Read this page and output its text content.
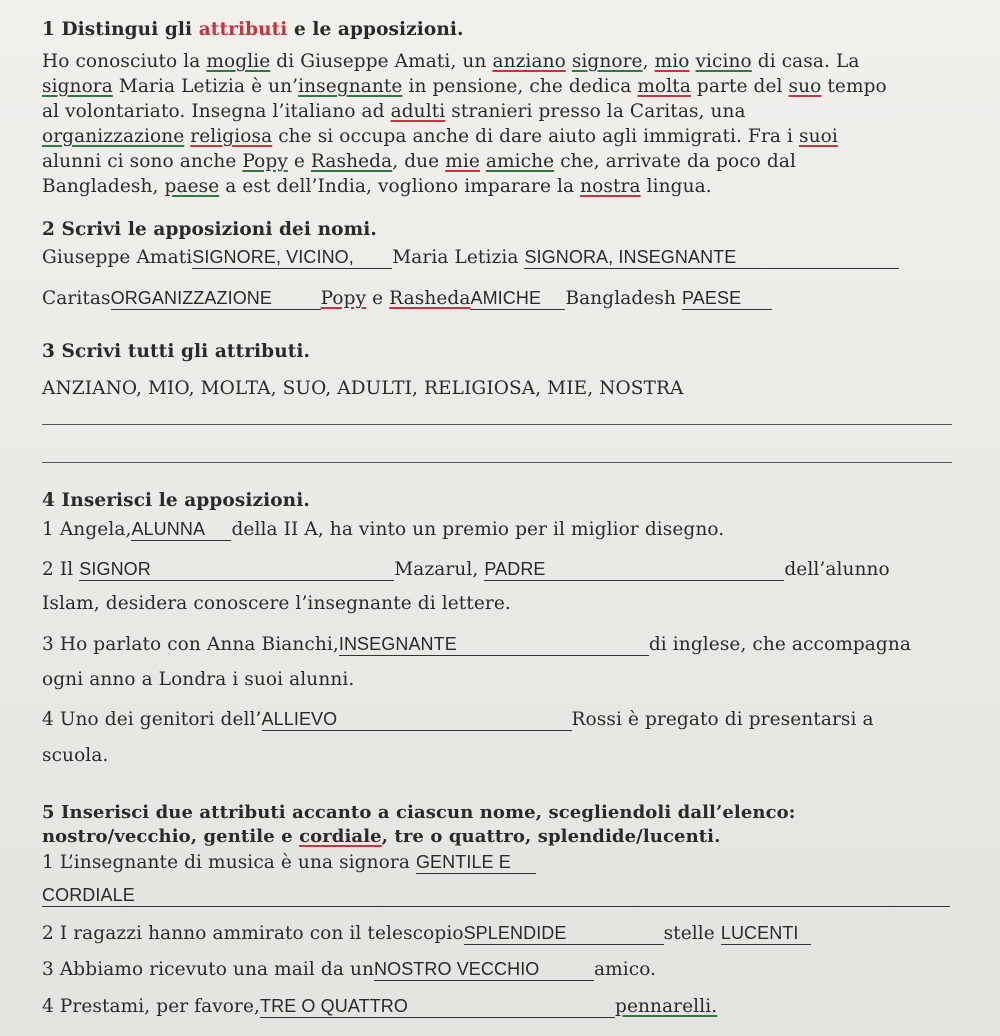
1 Distingui gli attributi e le apposizioni.
Ho conosciuto la moglie di Giuseppe Amati, un anziano signore, mio vicino di casa. La
signora Maria Letizia è un’insegnante in pensione, che dedica molta parte del suo tempo
al volontariato. Insegna l’italiano ad adulti stranieri presso la Caritas, una
organizzazione religiosa che si occupa anche di dare aiuto agli immigrati. Fra i suoi
alunni ci sono anche Popy e Rasheda, due mie amiche che, arrivate da poco dal
Bangladesh, paese a est dell’India, vogliono imparare la nostra lingua.
2 Scrivi le apposizioni dei nomi.
Giuseppe AmatiSIGNORE, VICINO,Maria Letizia SIGNORA, INSEGNANTE
CaritasORGANIZZAZIONE	Popy e RashedaAMICHEBangladesh PAESE
3 Scrivi tutti gli attributi.
ANZIANO, MIO, MOLTA, SUO, ADULTI, RELIGIOSA, MIE, NOSTRA
4 Inserisci le apposizioni.
1 Angela,ALUNNAdella II A, ha vinto un premio per il miglior disegno.
2 Il SIGNOR	Mazarul, PADRE	dell’alunno
Islam, desidera conoscere l’insegnante di lettere.
3 Ho parlato con Anna Bianchi,INSEGNANTE	di inglese, che accompagna
ogni anno a Londra i suoi alunni.
4 Uno dei genitori dell’ALLIEVO	Rossi è pregato di presentarsi a
scuola.
5 Inserisci due attributi accanto a ciascun nome, scegliendoli dall’elenco:
nostro/vecchio, gentile e cordiale, tre o quattro, splendide/lucenti.
1 L’insegnante di musica è una signora GENTILE E
CORDIALE
2 I ragazzi hanno ammirato con il telescopioSPLENDIDE	stelle LUCENTI
3 Abbiamo ricevuto una mail da unNOSTRO VECCHIO	amico.
4 Prestami, per favore,TRE O QUATTRO	pennarelli.
